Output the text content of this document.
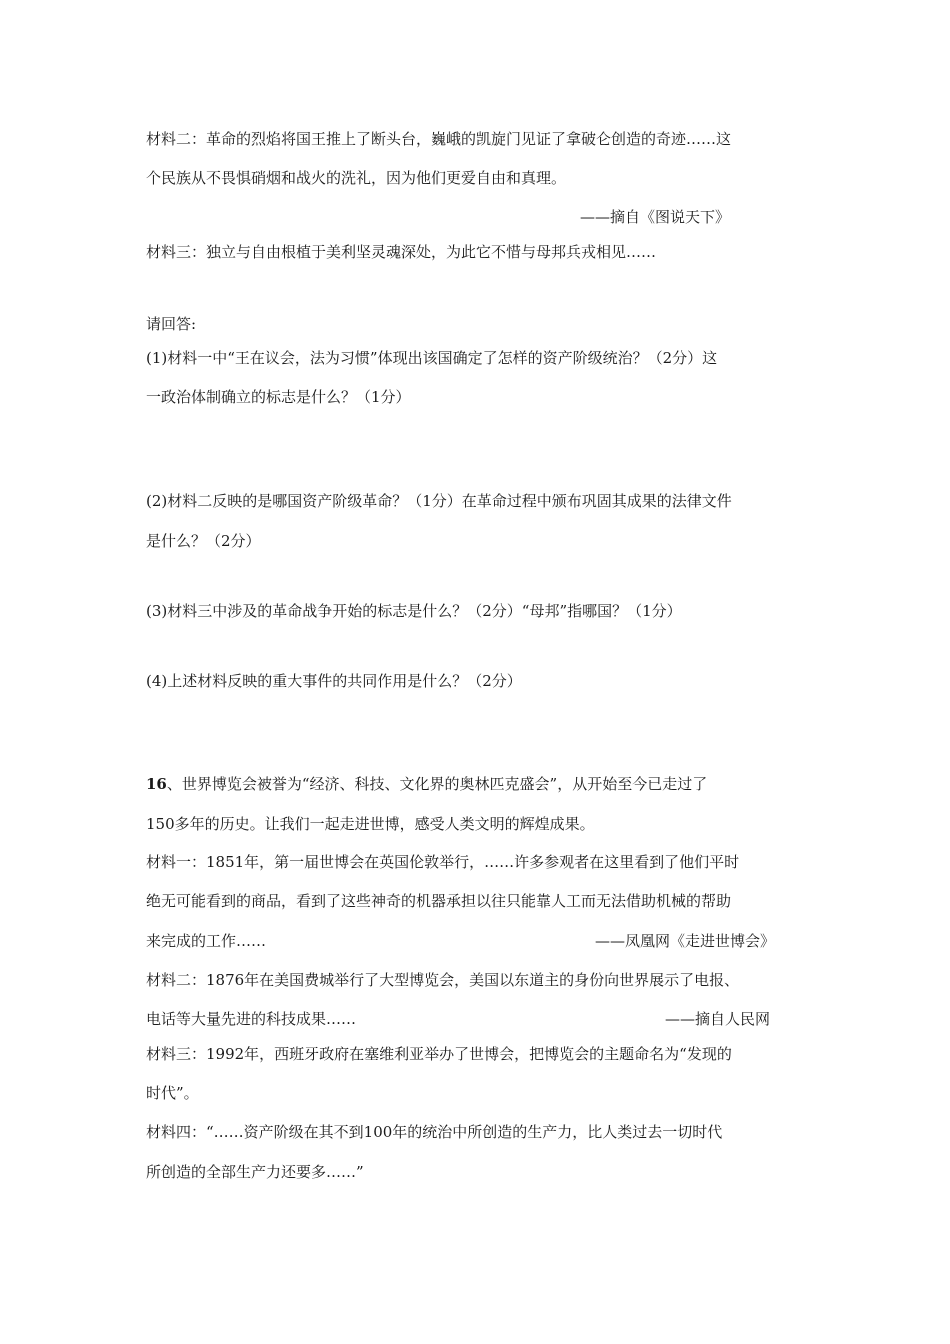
材料二：革命的烈焰将国王推上了断头台，巍峨的凯旋门见证了拿破仑创造的奇迹……这
个民族从不畏惧硝烟和战火的洗礼，因为他们更爱自由和真理。
——摘自《图说天下》
材料三：独立与自由根植于美利坚灵魂深处，为此它不惜与母邦兵戎相见……
请回答:
(1)材料一中“王在议会，法为习惯”体现出该国确定了怎样的资产阶级统治？（2分）这
一政治体制确立的标志是什么？（1分）
(2)材料二反映的是哪国资产阶级革命？（1分）在革命过程中颁布巩固其成果的法律文件
是什么？（2分）
(3)材料三中涉及的革命战争开始的标志是什么？（2分）“母邦”指哪国？（1分）
(4)上述材料反映的重大事件的共同作用是什么？（2分）
16、世界博览会被誉为“经济、科技、文化界的奥林匹克盛会”，从开始至今已走过了
150多年的历史。让我们一起走进世博，感受人类文明的辉煌成果。
材料一：1851年，第一届世博会在英国伦敦举行，……许多参观者在这里看到了他们平时
绝无可能看到的商品，看到了这些神奇的机器承担以往只能靠人工而无法借助机械的帮助
来完成的工作……	——凤凰网《走进世博会》
材料二：1876年在美国费城举行了大型博览会，美国以东道主的身份向世界展示了电报、
电话等大量先进的科技成果……	——摘自人民网
材料三：1992年，西班牙政府在塞维利亚举办了世博会，把博览会的主题命名为“发现的
时代”。
材料四：“……资产阶级在其不到100年的统治中所创造的生产力，比人类过去一切时代
所创造的全部生产力还要多……”
